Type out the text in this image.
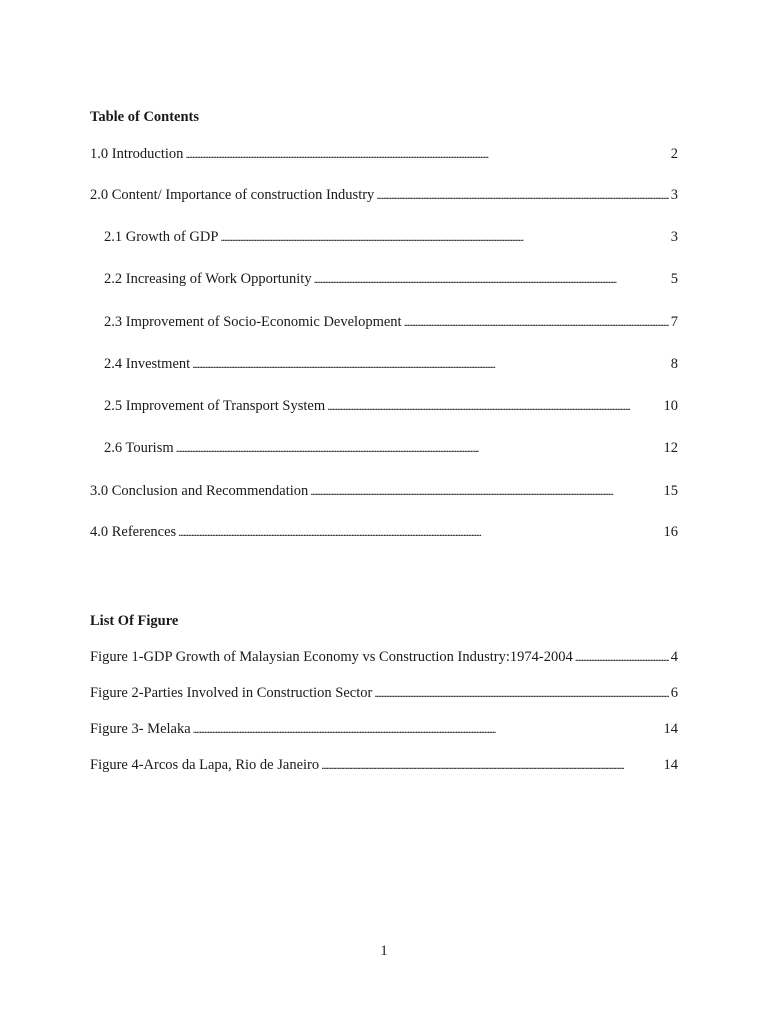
Table of Contents
1.0 Introduction . . .	2
2.0 Content/ Importance of construction Industry . . .	3
2.1 Growth of GDP . . .	3
2.2 Increasing of Work Opportunity . . .	5
2.3 Improvement of Socio-Economic Development . . .	7
2.4 Investment . . .	8
2.5 Improvement of Transport System . . .	10
2.6 Tourism . . .	12
3.0 Conclusion and Recommendation . . .	15
4.0 References . . .	16
List Of Figure
Figure 1-GDP Growth of Malaysian Economy vs Construction Industry:1974-2004 . . .	4
Figure 2-Parties Involved in Construction Sector . . .	6
Figure 3- Melaka . . .	14
Figure 4-Arcos da Lapa, Rio de Janeiro . . .	14
1
